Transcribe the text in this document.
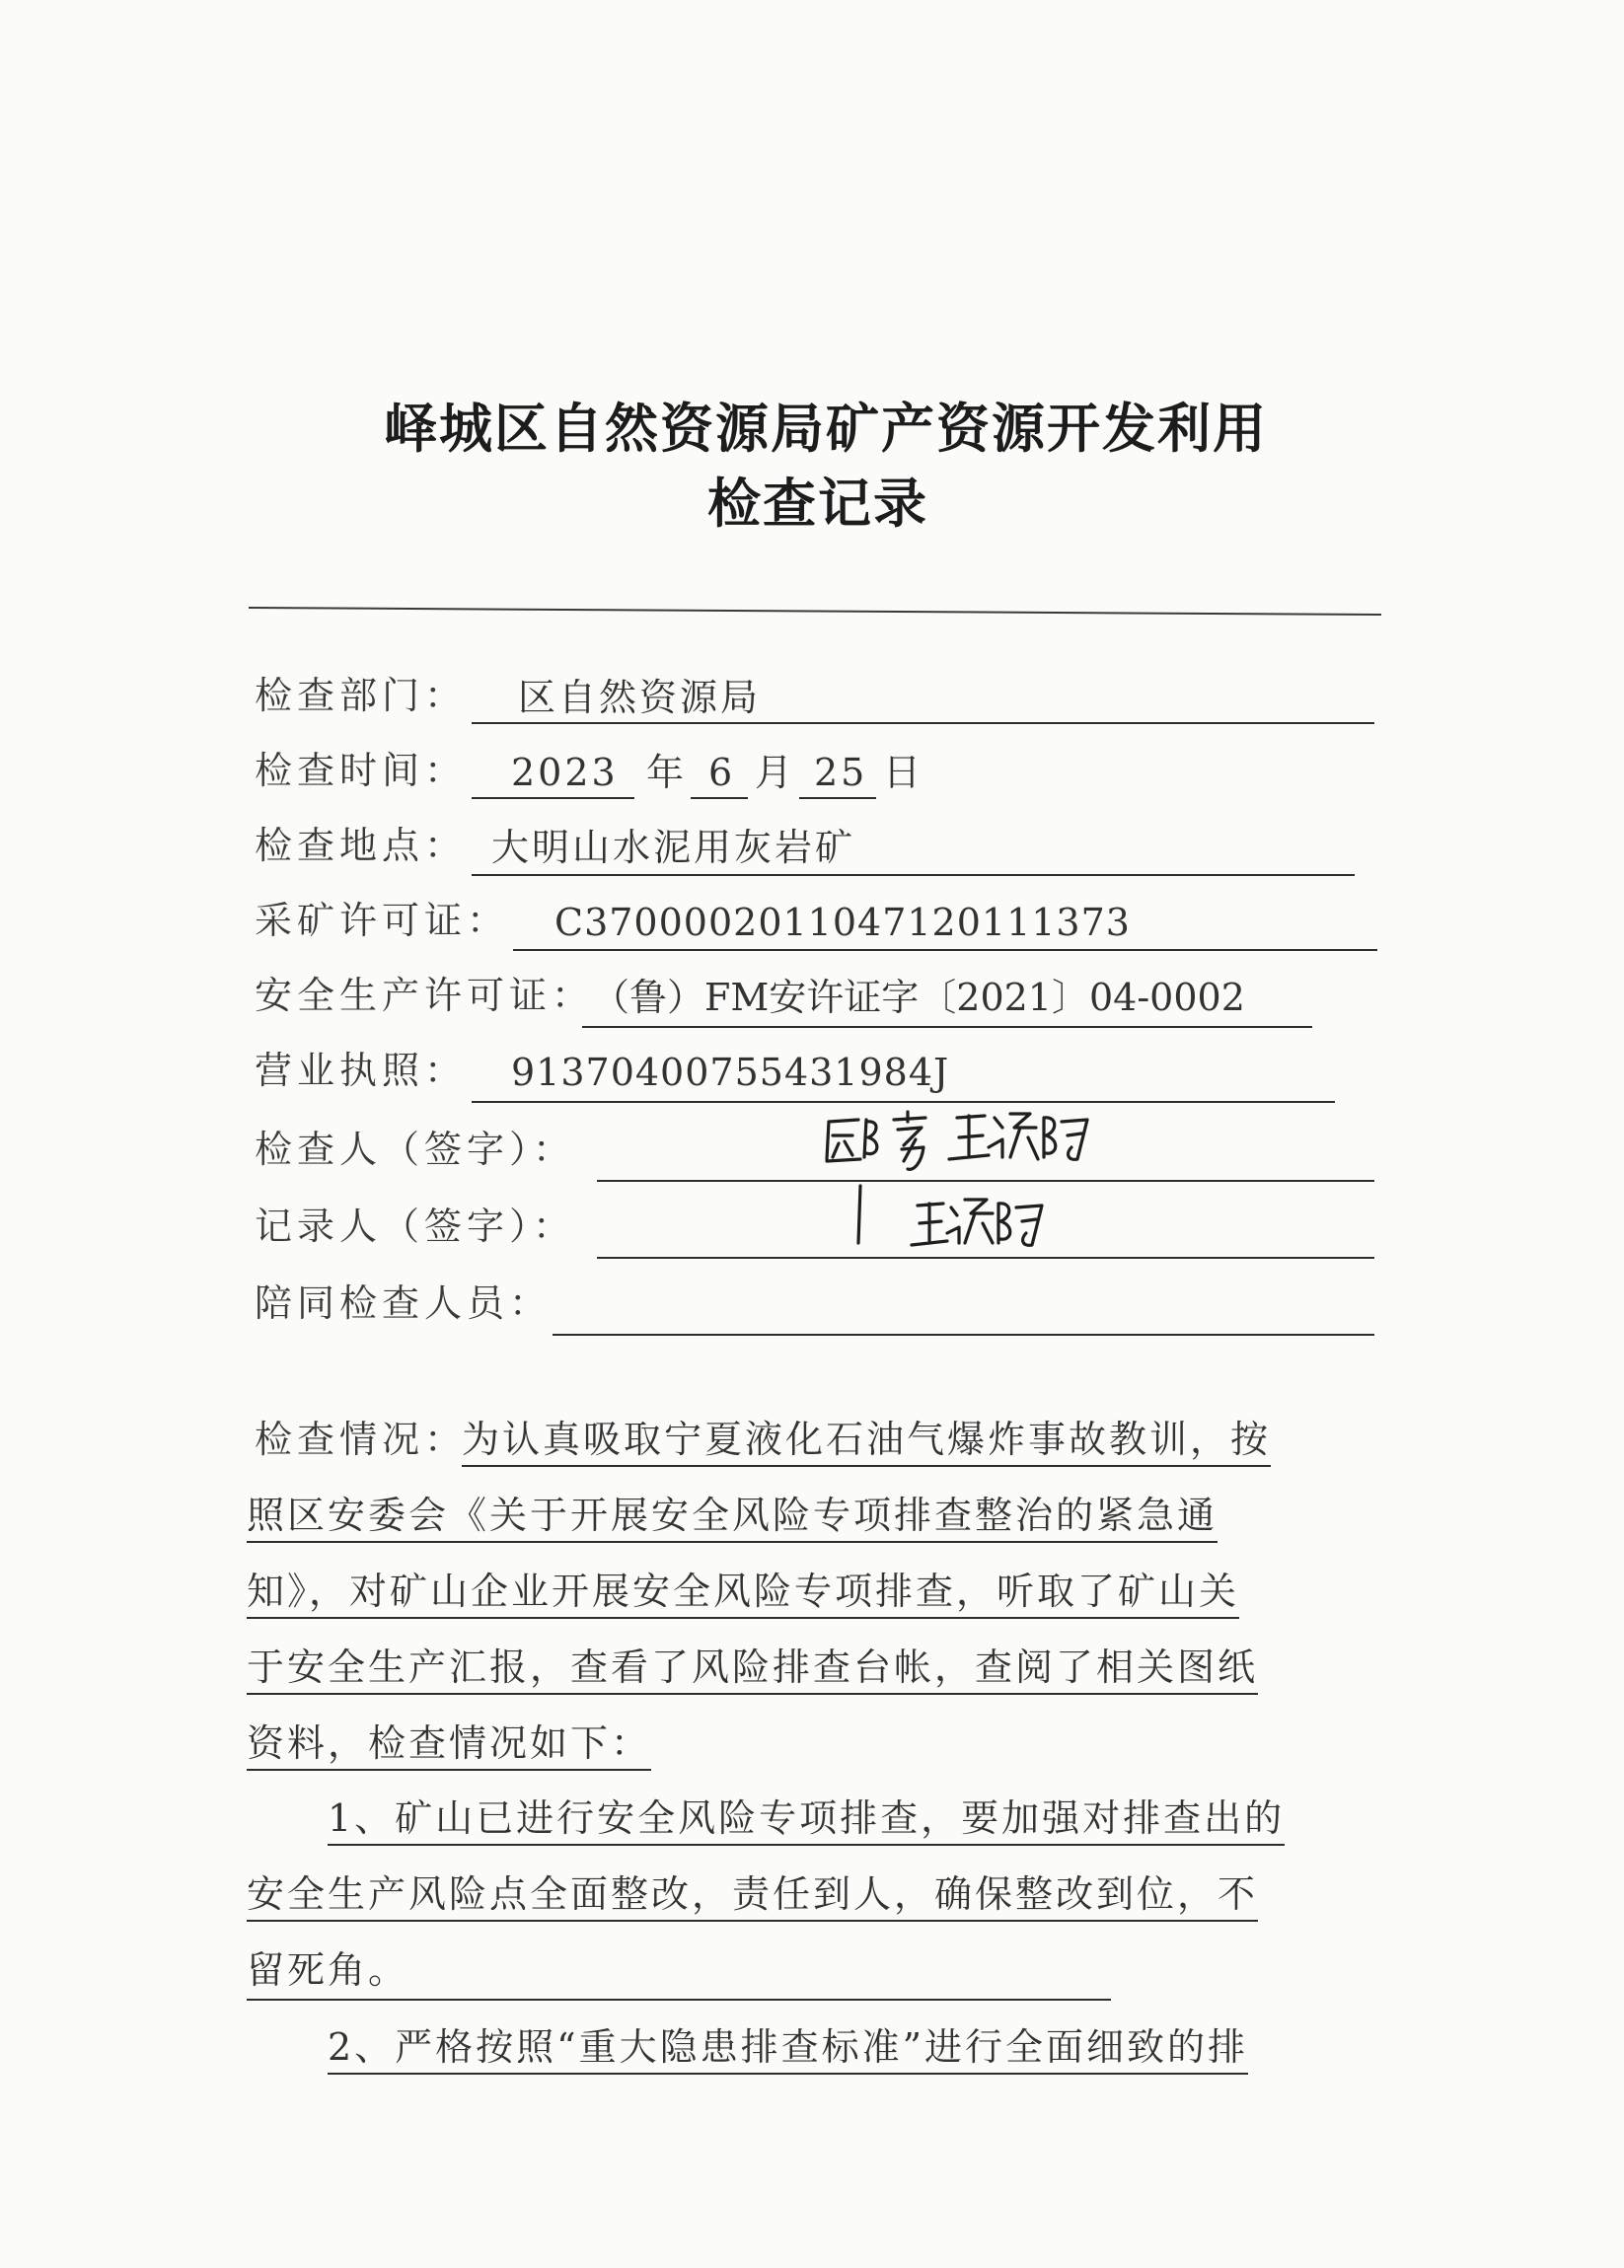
峄城区自然资源局矿产资源开发利用
检查记录
检查部门： 区自然资源局
检查时间： 2023 年 6 月 25 日
检查地点： 大明山水泥用灰岩矿
采矿许可证： C3700002011047120111373
安全生产许可证：
（鲁）FM安许证字〔2021〕04-0002
营业执照： 91370400755431984J
检查人（签字）：
记录人（签字）：
陪同检查人员：
检查情况：
为认真吸取宁夏液化石油气爆炸事故教训，按
照区安委会《关于开展安全风险专项排查整治的紧急通
知》，对矿山企业开展安全风险专项排查，听取了矿山关
于安全生产汇报，查看了风险排查台帐，查阅了相关图纸
资料，检查情况如下：
1、矿山已进行安全风险专项排查，要加强对排查出的
安全生产风险点全面整改，责任到人，确保整改到位，不
留死角。
2、严格按照“重大隐患排查标准”进行全面细致的排
